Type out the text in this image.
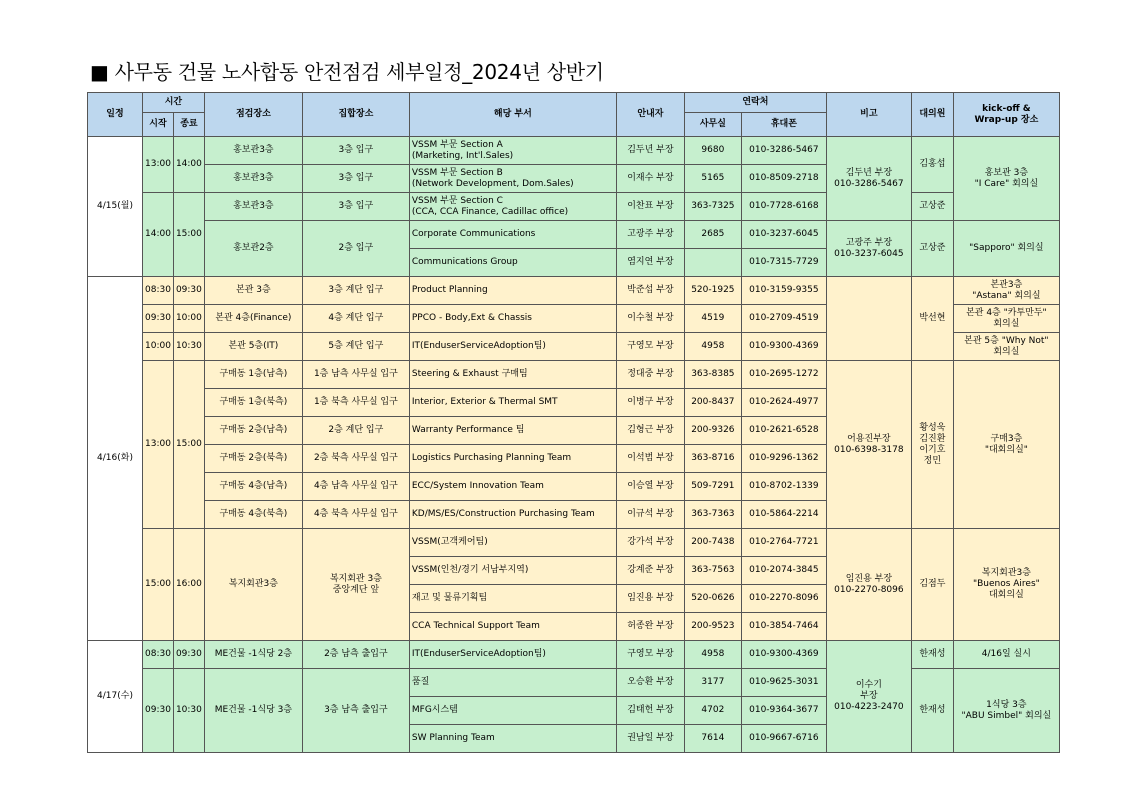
■ 사무동 건물 노사합동 안전점검 세부일정_2024년 상반기
일정	시간		점검장소	집합장소	해당 부서	안내자	연락처		비고	대의원	kick-off &
Wrap-up 장소

	시작	종료					사무실	휴대폰			
4/15(월)	13:00	14:00	홍보관3층	3층 입구	VSSM 부문 Section A
(Marketing, Int'l.Sales)	김두년 부장	9680	010-3286-5467	김두년 부장
010-3286-5467	김홍섭	홍보관 3층
"I Care" 회의실

			홍보관3층	3층 입구	VSSM 부문 Section B
(Network Development, Dom.Sales)	이재수 부장	5165	010-8509-2718			
	14:00	15:00	홍보관3층	3층 입구	VSSM 부문 Section C
(CCA, CCA Finance, Cadillac office)	이찬표 부장	363-7325	010-7728-6168		고상준	
			홍보관2층	2층 입구	Corporate Communications	고광주 부장	2685	010-3237-6045	고광주 부장
010-3237-6045	고상준	"Sapporo" 회의실
					Communications Group	염지연 부장		010-7315-7729			
4/16(화)	08:30	09:30	본관 3층	3층 계단 입구	Product Planning	박준섭 부장	520-1925	010-3159-9355		박선현	본관3층
"Astana" 회의실

	09:30	10:00	본관 4층(Finance)	4층 계단 입구	PPCO - Body,Ext & Chassis	이수철 부장	4519	010-2709-4519			본관 4층 "카투만두"
회의실

	10:00	10:30	본관 5층(IT)	5층 계단 입구	IT(EnduserServiceAdoption팀)	구영모 부장	4958	010-9300-4369			본관 5층 "Why Not"
회의실

	13:00	15:00	구매동 1층(남측)	1층 남측 사무실 입구	Steering & Exhaust 구매팀	정대중 부장	363-8385	010-2695-1272	어용진부장
010-6398-3178	황성욱
김진환
이기호
정민	구매3층
"대회의실"

			구매동 1층(북측)	1층 북측 사무실 입구	Interior, Exterior & Thermal SMT	이병구 부장	200-8437	010-2624-4977			
			구매동 2층(남측)	2층 계단 입구	Warranty Performance 팀	김형근 부장	200-9326	010-2621-6528			
			구매동 2층(북측)	2층 북측 사무실 입구	Logistics Purchasing Planning Team	이석범 부장	363-8716	010-9296-1362			
			구매동 4층(남측)	4층 남측 사무실 입구	ECC/System Innovation Team	이승열 부장	509-7291	010-8702-1339			
			구매동 4층(북측)	4층 북측 사무실 입구	KD/MS/ES/Construction Purchasing Team	이규석 부장	363-7363	010-5864-2214			
	15:00	16:00	복지회관3층	복지회관 3층
중앙계단 앞	VSSM(고객케어팀)	강가석 부장	200-7438	010-2764-7721	임진용 부장
010-2270-8096	김점두	복지회관3층
"Buenos Aires"
대회의실

					VSSM(인천/경기 서남부지역)	강계준 부장	363-7563	010-2074-3845			
					재고 및 물류기획팀	임진용 부장	520-0626	010-2270-8096			
					CCA Technical Support Team	허종완 부장	200-9523	010-3854-7464			
4/17(수)	08:30	09:30	ME건물 -1식당 2층	2층 남측 출입구	IT(EnduserServiceAdoption팀)	구영모 부장	4958	010-9300-4369	이수기
부장
010-4223-2470	한재성	4/16일 실시
	09:30	10:30	ME건물 -1식당 3층	3층 남측 출입구	품질	오승환 부장	3177	010-9625-3031		한재성	1식당 3층
"ABU Simbel" 회의실

					MFG시스템	김태헌 부장	4702	010-9364-3677			
					SW Planning Team	권남일 부장	7614	010-9667-6716			
